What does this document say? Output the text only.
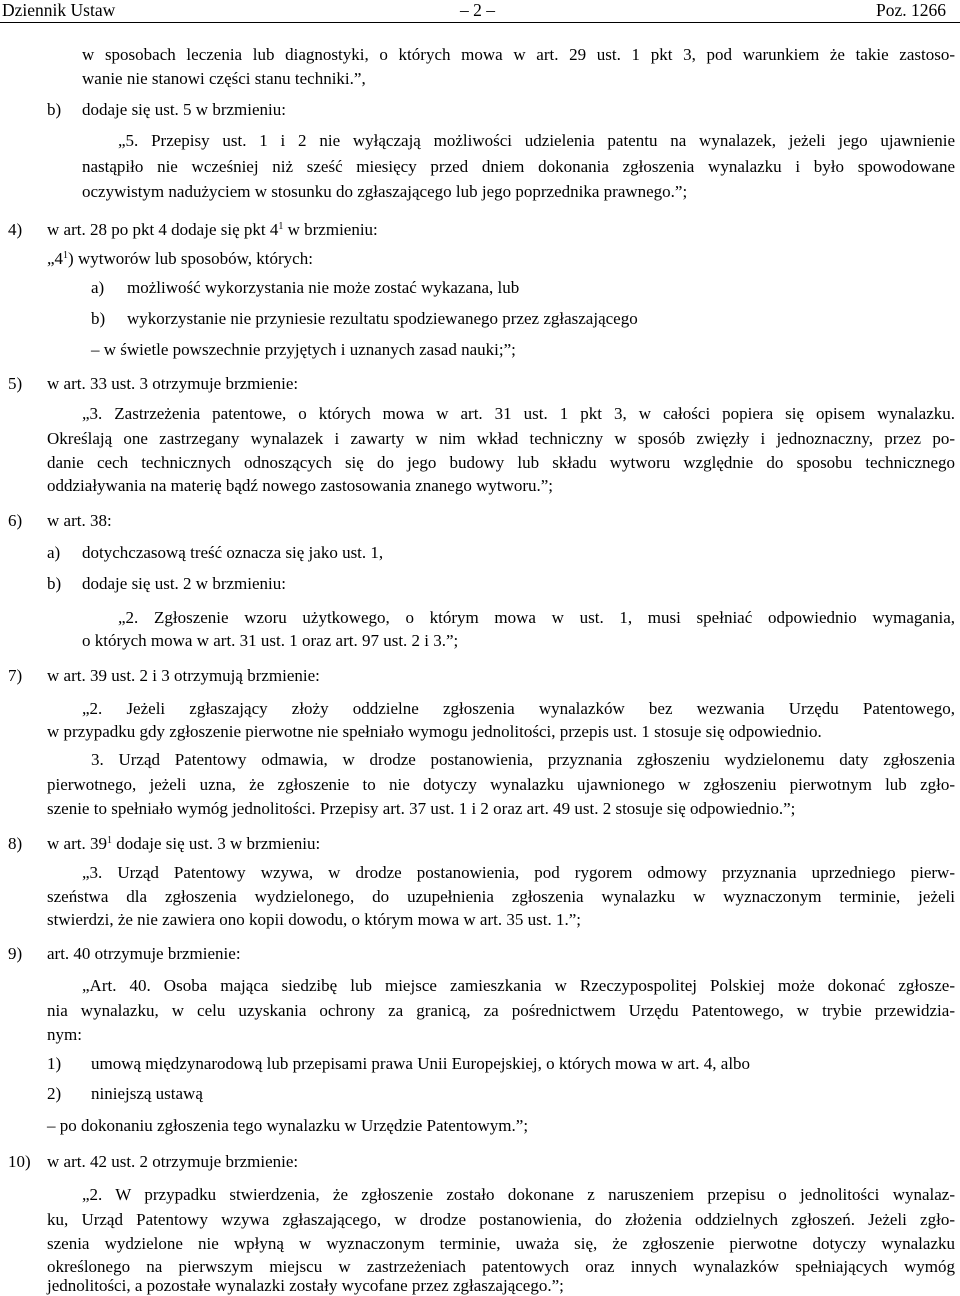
Dziennik Ustaw	– 2 –	Poz. 1266
w sposobach leczenia lub diagnostyki, o których mowa w art. 29 ust. 1 pkt 3, pod warunkiem że takie zastoso-
wanie nie stanowi części stanu techniki.”,
b) dodaje się ust. 5 w brzmieniu:
„5. Przepisy ust. 1 i 2 nie wyłączają możliwości udzielenia patentu na wynalazek, jeżeli jego ujawnienie
nastąpiło nie wcześniej niż sześć miesięcy przed dniem dokonania zgłoszenia wynalazku i było spowodowane
oczywistym nadużyciem w stosunku do zgłaszającego lub jego poprzednika prawnego.”;
4) w art. 28 po pkt 4 dodaje się pkt $4^1$ w brzmieniu:
$„4^1$) wytworów lub sposobów, których:
a) możliwość wykorzystania nie może zostać wykazana, lub
b) wykorzystanie nie przyniesie rezultatu spodziewanego przez zgłaszającego
– w świetle powszechnie przyjętych i uznanych zasad nauki;”;
5) w art. 33 ust. 3 otrzymuje brzmienie:
„3. Zastrzeżenia patentowe, o których mowa w art. 31 ust. 1 pkt 3, w całości popiera się opisem wynalazku.
Określają one zastrzegany wynalazek i zawarty w nim wkład techniczny w sposób zwięzły i jednoznaczny, przez po-
danie cech technicznych odnoszących się do jego budowy lub składu wytworu względnie do sposobu technicznego
oddziaływania na materię bądź nowego zastosowania znanego wytworu.”;
6) w art. 38:
a) dotychczasową treść oznacza się jako ust. 1,
b) dodaje się ust. 2 w brzmieniu:
„2. Zgłoszenie wzoru użytkowego, o którym mowa w ust. 1, musi spełniać odpowiednio wymagania,
o których mowa w art. 31 ust. 1 oraz art. 97 ust. 2 i 3.”;
7) w art. 39 ust. 2 i 3 otrzymują brzmienie:
„2. Jeżeli zgłaszający złoży oddzielne zgłoszenia wynalazków bez wezwania Urzędu Patentowego,
w przypadku gdy zgłoszenie pierwotne nie spełniało wymogu jednolitości, przepis ust. 1 stosuje się odpowiednio.
3. Urząd Patentowy odmawia, w drodze postanowienia, przyznania zgłoszeniu wydzielonemu daty zgłoszenia
pierwotnego, jeżeli uzna, że zgłoszenie to nie dotyczy wynalazku ujawnionego w zgłoszeniu pierwotnym lub zgło-
szenie to spełniało wymóg jednolitości. Przepisy art. 37 ust. 1 i 2 oraz art. 49 ust. 2 stosuje się odpowiednio.”;
8) w art. $39^1$ dodaje się ust. 3 w brzmieniu:
„3. Urząd Patentowy wzywa, w drodze postanowienia, pod rygorem odmowy przyznania uprzedniego pierw-
szeństwa dla zgłoszenia wydzielonego, do uzupełnienia zgłoszenia wynalazku w wyznaczonym terminie, jeżeli
stwierdzi, że nie zawiera ono kopii dowodu, o którym mowa w art. 35 ust. 1.”;
9) art. 40 otrzymuje brzmienie:
„Art. 40. Osoba mająca siedzibę lub miejsce zamieszkania w Rzeczypospolitej Polskiej może dokonać zgłosze-
nia wynalazku, w celu uzyskania ochrony za granicą, za pośrednictwem Urzędu Patentowego, w trybie przewidzia-
nym:
1) umową międzynarodową lub przepisami prawa Unii Europejskiej, o których mowa w art. 4, albo
2) niniejszą ustawą
– po dokonaniu zgłoszenia tego wynalazku w Urzędzie Patentowym.”;
10) w art. 42 ust. 2 otrzymuje brzmienie:
„2. W przypadku stwierdzenia, że zgłoszenie zostało dokonane z naruszeniem przepisu o jednolitości wynalaz-
ku, Urząd Patentowy wzywa zgłaszającego, w drodze postanowienia, do złożenia oddzielnych zgłoszeń. Jeżeli zgło-
szenia wydzielone nie wpłyną w wyznaczonym terminie, uważa się, że zgłoszenie pierwotne dotyczy wynalazku
określonego na pierwszym miejscu w zastrzeżeniach patentowych oraz innych wynalazków spełniających wymóg
jednolitości, a pozostałe wynalazki zostały wycofane przez zgłaszającego.”;
